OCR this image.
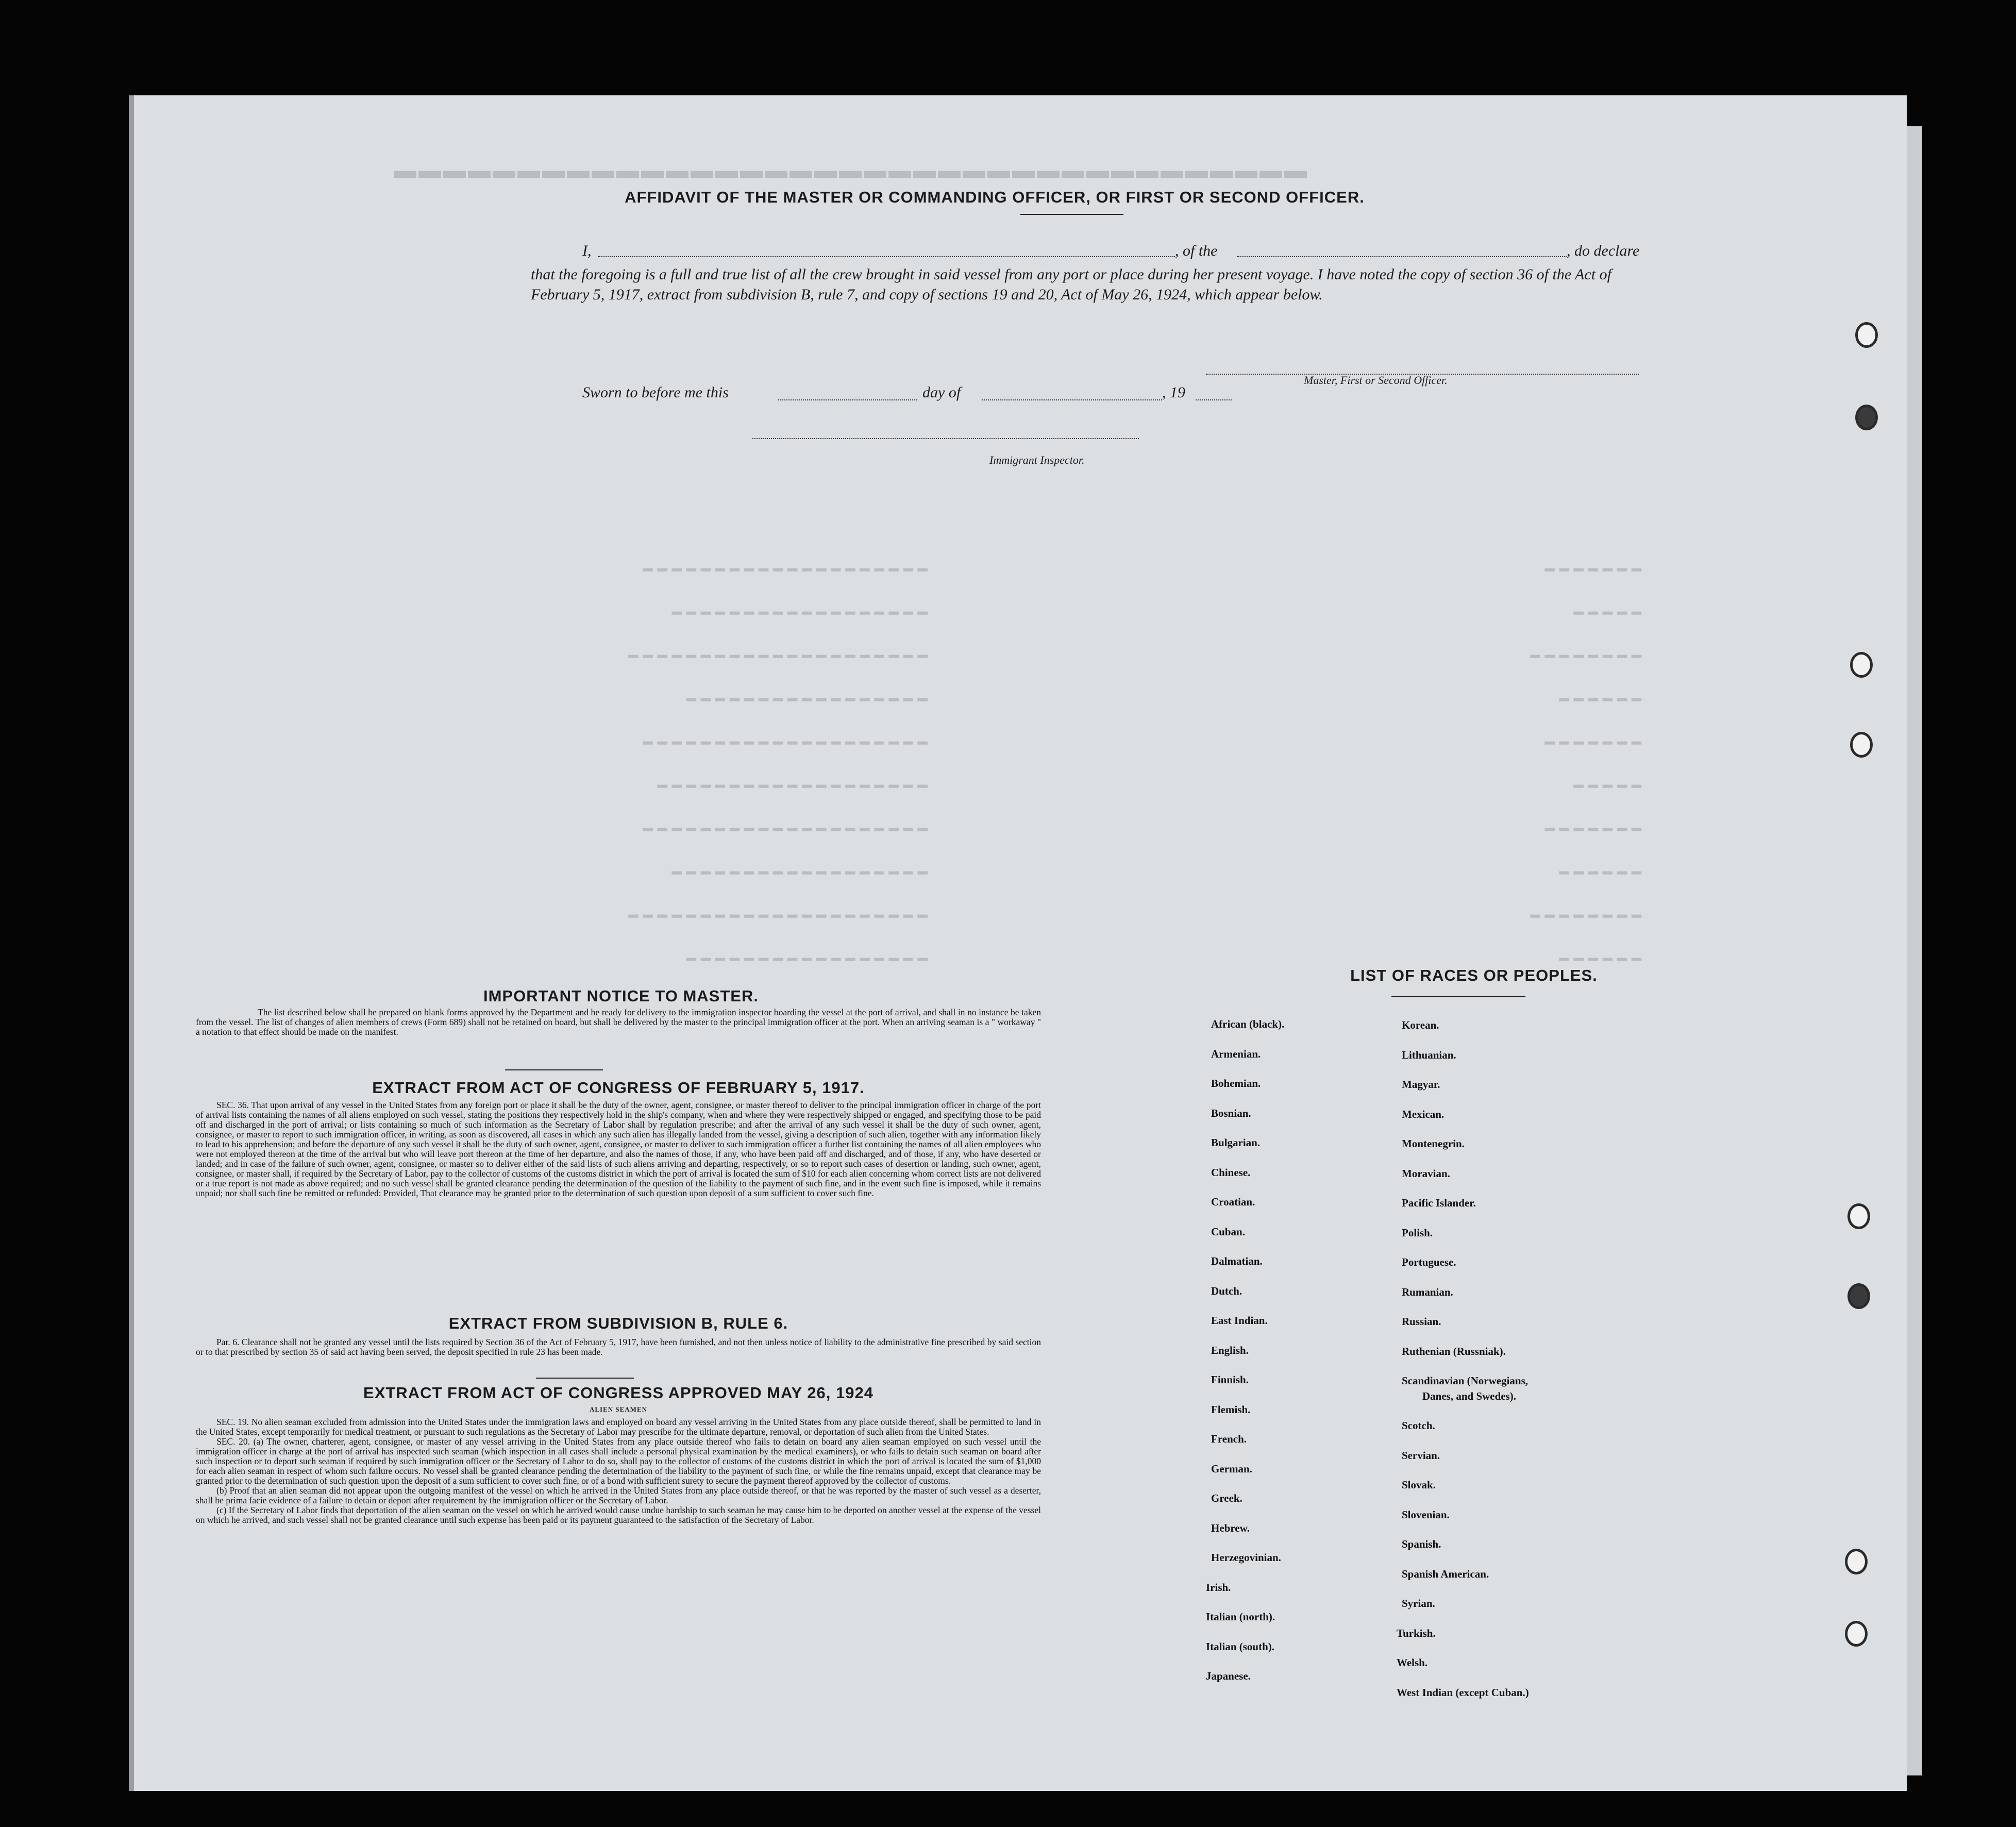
▬▬▬▬▬▬▬▬▬▬▬▬▬▬▬▬▬▬▬▬▬▬▬▬▬▬▬▬▬▬▬▬▬▬▬▬▬
━━━━━━━
━━━━━
━━━━━━━━
━━━━━━
━━━━━━━
━━━━━
━━━━━━━
━━━━━━
━━━━━━━━
━━━━━━
━━━━━━━━━━━━━━━━━━━━
━━━━━━━━━━━━━━━━━━
━━━━━━━━━━━━━━━━━━━━━
━━━━━━━━━━━━━━━━━
━━━━━━━━━━━━━━━━━━━━
━━━━━━━━━━━━━━━━━━━
━━━━━━━━━━━━━━━━━━━━
━━━━━━━━━━━━━━━━━━
━━━━━━━━━━━━━━━━━━━━━
━━━━━━━━━━━━━━━━━
AFFIDAVIT OF THE MASTER OR COMMANDING OFFICER, OR FIRST OR SECOND OFFICER.
I,	, of the	, do declare
that the foregoing is a full and true list of all the crew brought in said vessel from any port or place during her present voyage. I have noted the copy of section 36 of the Act of February 5, 1917, extract from subdivision B, rule 7, and copy of sections 19 and 20, Act of May 26, 1924, which appear below.
Master, First or Second Officer.
Sworn to before me this	day of	, 19
Immigrant Inspector.
IMPORTANT NOTICE TO MASTER.
The list described below shall be prepared on blank forms approved by the Department and be ready for delivery to the immigration inspector boarding the vessel at the port of arrival, and shall in no instance be taken from the vessel. The list of changes of alien members of crews (Form 689) shall not be retained on board, but shall be delivered by the master to the principal immigration officer at the port. When an arriving seaman is a " workaway " a notation to that effect should be made on the manifest.
EXTRACT FROM ACT OF CONGRESS OF FEBRUARY 5, 1917.
SEC. 36. That upon arrival of any vessel in the United States from any foreign port or place it shall be the duty of the owner, agent, consignee, or master thereof to deliver to the principal immigration officer in charge of the port of arrival lists containing the names of all aliens employed on such vessel, stating the positions they respectively hold in the ship's company, when and where they were respectively shipped or engaged, and specifying those to be paid off and discharged in the port of arrival; or lists containing so much of such information as the Secretary of Labor shall by regulation prescribe; and after the arrival of any such vessel it shall be the duty of such owner, agent, consignee, or master to report to such immigration officer, in writing, as soon as discovered, all cases in which any such alien has illegally landed from the vessel, giving a description of such alien, together with any information likely to lead to his apprehension; and before the departure of any such vessel it shall be the duty of such owner, agent, consignee, or master to deliver to such immigration officer a further list containing the names of all alien employees who were not employed thereon at the time of the arrival but who will leave port thereon at the time of her departure, and also the names of those, if any, who have been paid off and discharged, and of those, if any, who have deserted or landed; and in case of the failure of such owner, agent, consignee, or master so to deliver either of the said lists of such aliens arriving and departing, respectively, or so to report such cases of desertion or landing, such owner, agent, consignee, or master shall, if required by the Secretary of Labor, pay to the collector of customs of the customs district in which the port of arrival is located the sum of $10 for each alien concerning whom correct lists are not delivered or a true report is not made as above required; and no such vessel shall be granted clearance pending the determination of the question of the liability to the payment of such fine, and in the event such fine is imposed, while it remains unpaid; nor shall such fine be remitted or refunded: Provided, That clearance may be granted prior to the determination of such question upon deposit of a sum sufficient to cover such fine.
EXTRACT FROM SUBDIVISION B, RULE 6.
Par. 6. Clearance shall not be granted any vessel until the lists required by Section 36 of the Act of February 5, 1917, have been furnished, and not then unless notice of liability to the administrative fine prescribed by said section or to that prescribed by section 35 of said act having been served, the deposit specified in rule 23 has been made.
EXTRACT FROM ACT OF CONGRESS APPROVED MAY 26, 1924
ALIEN SEAMEN
SEC. 19. No alien seaman excluded from admission into the United States under the immigration laws and employed on board any vessel arriving in the United States from any place outside thereof, shall be permitted to land in the United States, except temporarily for medical treatment, or pursuant to such regulations as the Secretary of Labor may prescribe for the ultimate departure, removal, or deportation of such alien from the United States.
SEC. 20. (a) The owner, charterer, agent, consignee, or master of any vessel arriving in the United States from any place outside thereof who fails to detain on board any alien seaman employed on such vessel until the immigration officer in charge at the port of arrival has inspected such seaman (which inspection in all cases shall include a personal physical examination by the medical examiners), or who fails to detain such seaman on board after such inspection or to deport such seaman if required by such immigration officer or the Secretary of Labor to do so, shall pay to the collector of customs of the customs district in which the port of arrival is located the sum of $1,000 for each alien seaman in respect of whom such failure occurs. No vessel shall be granted clearance pending the determination of the liability to the payment of such fine, or while the fine remains unpaid, except that clearance may be granted prior to the determination of such question upon the deposit of a sum sufficient to cover such fine, or of a bond with sufficient surety to secure the payment thereof approved by the collector of customs.
(b) Proof that an alien seaman did not appear upon the outgoing manifest of the vessel on which he arrived in the United States from any place outside thereof, or that he was reported by the master of such vessel as a deserter, shall be prima facie evidence of a failure to detain or deport after requirement by the immigration officer or the Secretary of Labor.
(c) If the Secretary of Labor finds that deportation of the alien seaman on the vessel on which he arrived would cause undue hardship to such seaman he may cause him to be deported on another vessel at the expense of the vessel on which he arrived, and such vessel shall not be granted clearance until such expense has been paid or its payment guaranteed to the satisfaction of the Secretary of Labor.
LIST OF RACES OR PEOPLES.
African (black).
Armenian.
Bohemian.
Bosnian.
Bulgarian.
Chinese.
Croatian.
Cuban.
Dalmatian.
Dutch.
East Indian.
English.
Finnish.
Flemish.
French.
German.
Greek.
Hebrew.
Herzegovinian.
Irish.
Italian (north).
Italian (south).
Japanese.
Korean.
Lithuanian.
Magyar.
Mexican.
Montenegrin.
Moravian.
Pacific Islander.
Polish.
Portuguese.
Rumanian.
Russian.
Ruthenian (Russniak).
Scandinavian (Norwegians,
Danes, and Swedes).
Scotch.
Servian.
Slovak.
Slovenian.
Spanish.
Spanish American.
Syrian.
Turkish.
Welsh.
West Indian (except Cuban.)
